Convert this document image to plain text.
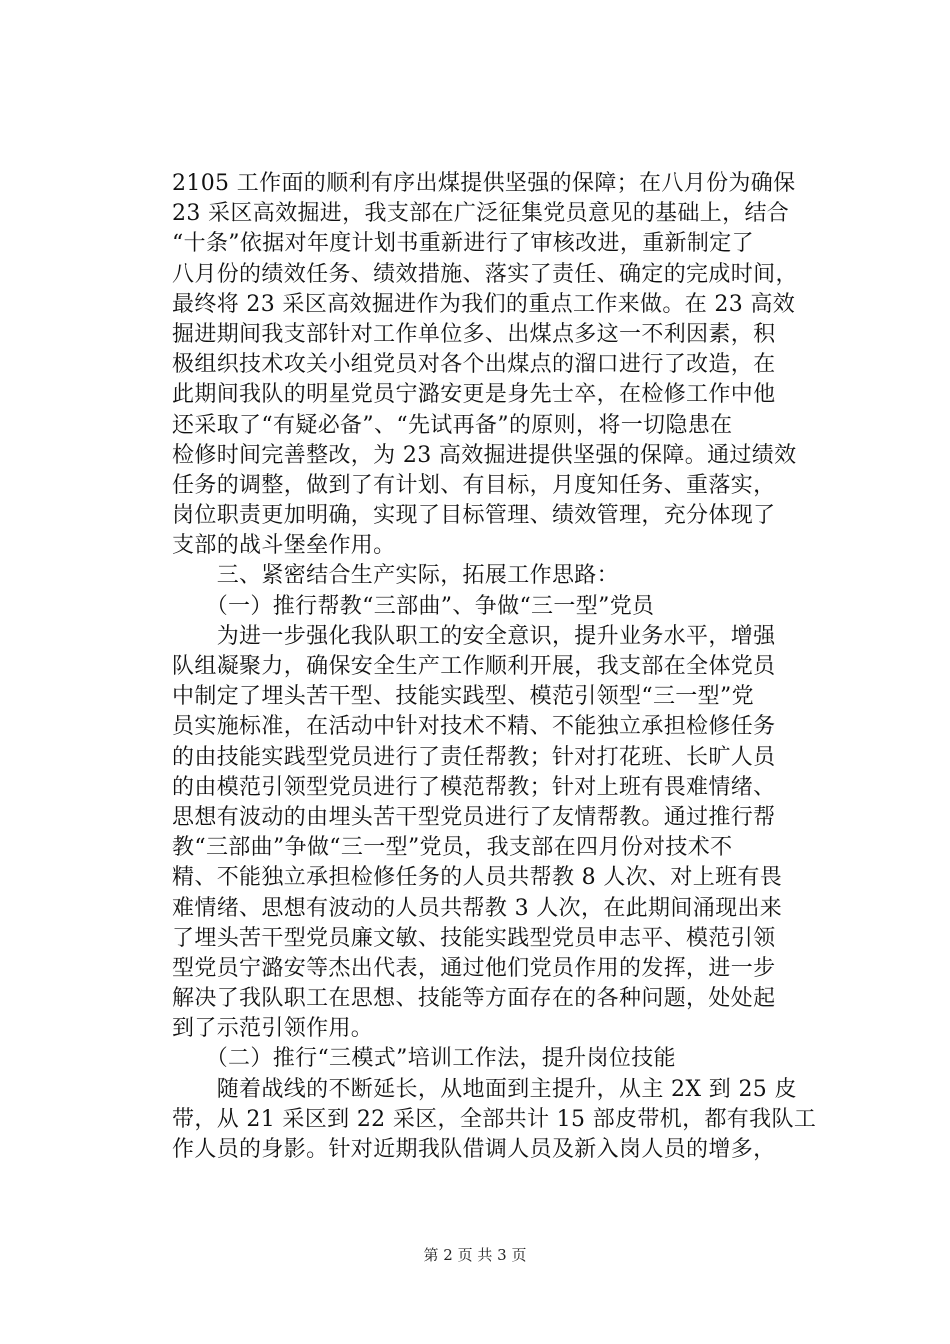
2105 工作面的顺利有序出煤提供坚强的保障；在八月份为确保
23 采区高效掘进，我支部在广泛征集党员意见的基础上，结合
“十条”依据对年度计划书重新进行了审核改进，重新制定了
八月份的绩效任务、绩效措施、落实了责任、确定的完成时间，
最终将 23 采区高效掘进作为我们的重点工作来做。在 23 高效
掘进期间我支部针对工作单位多、出煤点多这一不利因素，积
极组织技术攻关小组党员对各个出煤点的溜口进行了改造，在
此期间我队的明星党员宁潞安更是身先士卒，在检修工作中他
还采取了“有疑必备”、“先试再备”的原则，将一切隐患在
检修时间完善整改，为 23 高效掘进提供坚强的保障。通过绩效
任务的调整，做到了有计划、有目标，月度知任务、重落实，
岗位职责更加明确，实现了目标管理、绩效管理，充分体现了
支部的战斗堡垒作用。
　　三、紧密结合生产实际，拓展工作思路：
　　（一）推行帮教“三部曲”、争做“三一型”党员
　　为进一步强化我队职工的安全意识，提升业务水平，增强
队组凝聚力，确保安全生产工作顺利开展，我支部在全体党员
中制定了埋头苦干型、技能实践型、模范引领型“三一型”党
员实施标准，在活动中针对技术不精、不能独立承担检修任务
的由技能实践型党员进行了责任帮教；针对打花班、长旷人员
的由模范引领型党员进行了模范帮教；针对上班有畏难情绪、
思想有波动的由埋头苦干型党员进行了友情帮教。通过推行帮
教“三部曲”争做“三一型”党员，我支部在四月份对技术不
精、不能独立承担检修任务的人员共帮教 8 人次、对上班有畏
难情绪、思想有波动的人员共帮教 3 人次，在此期间涌现出来
了埋头苦干型党员廉文敏、技能实践型党员申志平、模范引领
型党员宁潞安等杰出代表，通过他们党员作用的发挥，进一步
解决了我队职工在思想、技能等方面存在的各种问题，处处起
到了示范引领作用。
　　（二）推行“三模式”培训工作法，提升岗位技能
　　随着战线的不断延长，从地面到主提升，从主 2X 到 25 皮
带，从 21 采区到 22 采区，全部共计 15 部皮带机，都有我队工
作人员的身影。针对近期我队借调人员及新入岗人员的增多，
第 2 页 共 3 页
